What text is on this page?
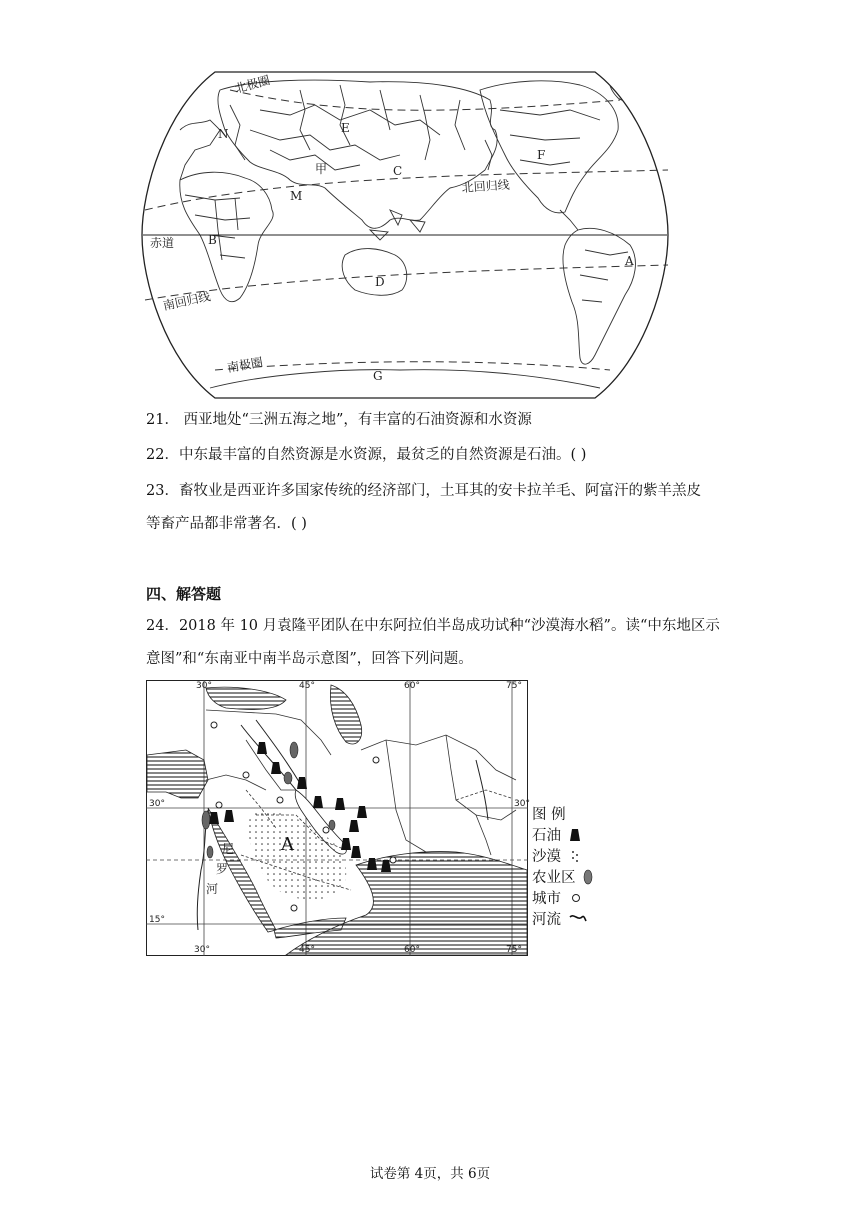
北极圈
北回归线
赤道
南回归线
南极圈
E
F
甲	C
M
N
B
A
D
G
21． 西亚地处“三洲五海之地”，有丰富的石油资源和水资源
22．中东最丰富的自然资源是水资源，最贫乏的自然资源是石油。( )
23．畜牧业是西亚许多国家传统的经济部门，土耳其的安卡拉羊毛、阿富汗的紫羊羔皮
等畜产品都非常著名．( )
四、解答题
24．2018 年 10 月袁隆平团队在中东阿拉伯半岛成功试种“沙漠海水稻”。读“中东地区示
意图”和“东南亚中南半岛示意图”，回答下列问题。
30°	45°	60°	75°
30°	45°	60°	75°
30°
15°
30°
A
尼
罗
河
图 例
石油
沙漠
农业区
城市
河流
试卷第 4页，共 6页
